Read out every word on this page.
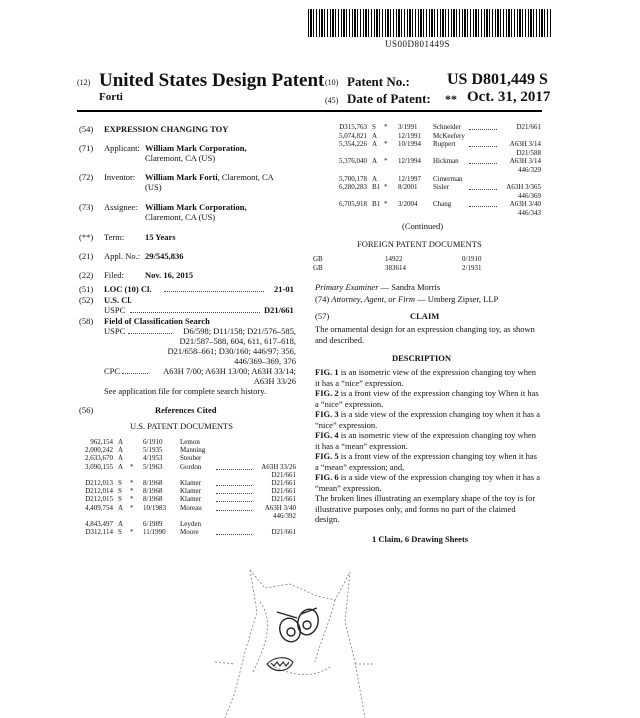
US00D801449S
(12) United States Design Patent
Forti
(10) Patent No.: US D801,449 S
(45) Date of Patent: ** Oct. 31, 2017
(54) EXPRESSION CHANGING TOY
(71) Applicant: William Mark Corporation,
Claremont, CA (US)
(72) Inventor: William Mark Forti, Claremont, CA
(US)
(73) Assignee: William Mark Corporation,
Claremont, CA (US)
(**) Term: 15 Years
(21) Appl. No.: 29/545,836
(22) Filed: Nov. 16, 2015
(51) LOC (10) Cl.	21-01
(52) U.S. Cl.
USPC	D21/661
(58) Field of Classification Search
USPC	D6/598; D11/158; D21/576–585,
D21/587–588, 604, 611, 617–618,
D21/658–661; D30/160; 446/97; 356,
446/369–369, 376
CPC	A63H 7/00; A63H 13/00; A63H 33/14;
A63H 33/26
See application file for complete search history.
(56)	References Cited
U.S. PATENT DOCUMENTS
962,154 A	6/1910	Lemon
2,000,242 A	5/1935	Manning
2,633,670 A	4/1953	Steuber
3,090,155 A * 5/1963	Gordon	A63H 33/26
D21/661
D212,013 S * 8/1968	Klamer	D21/661
D212,014 S * 8/1968	Klamer	D21/661
D212,015 S * 8/1968	Klamer	D21/661
4,409,754 A * 10/1983 Moreau	A63H 3/40
446/392
4,843,497 A	6/1989	Leyden
D312,114 S * 11/1990 Moore	D21/661
D315,763 S * 3/1991 Schneider	D21/661
5,074,821 A	12/1991 McKeefery
5,354,226 A * 10/1994 Ruppert	A63H 3/14
D21/588
5,376,040 A * 12/1994 Hickman	A63H 3/14
446/329
5,700,178 A	12/1997 Cimerman
6,280,283 B1 * 8/2001 Sisler	A63H 3/365
446/369
6,705,918 B1 * 3/2004 Chang	A63H 3/40
446/343
(Continued)
FOREIGN PATENT DOCUMENTS
GB	14922	0/1910
GB	383614	2/1931
Primary Examiner — Sandra Morris
(74) Attorney, Agent, or Firm — Umberg Zipser, LLP
(57)	CLAIM
The ornamental design for an expression changing toy, as shown and described.
DESCRIPTION
FIG. 1 is an isometric view of the expression changing toy when it has a “nice” expression.
FIG. 2 is a front view of the expression changing toy When it has a “nice” expression.
FIG. 3 is a side view of the expression changing toy when it has a “nice” expression.
FIG. 4 is an isometric view of the expression changing toy when it has a “mean” expression.
FIG. 5 is a front view of the expression changing toy when it has a “mean” expression; and,
FIG. 6 is a side view of the expression changing toy when it has a “mean” expression.
The broken lines illustrating an exemplary shape of the toy is for illustrative purposes only, and forms no part of the claimed design.
1 Claim, 6 Drawing Sheets
